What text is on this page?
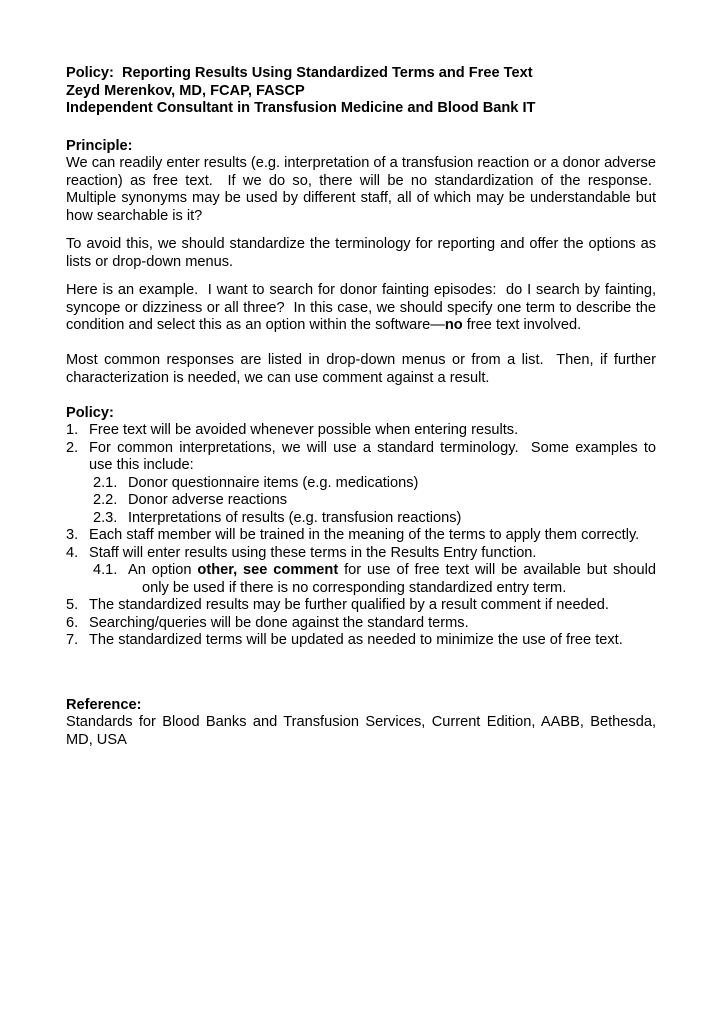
Policy:  Reporting Results Using Standardized Terms and Free Text
Zeyd Merenkov, MD, FCAP, FASCP
Independent Consultant in Transfusion Medicine and Blood Bank IT
Principle:

We can readily enter results (e.g. interpretation of a transfusion reaction or a donor adverse reaction) as free text.  If we do so, there will be no standardization of the response.  Multiple synonyms may be used by different staff, all of which may be understandable but how searchable is it?

To avoid this, we should standardize the terminology for reporting and offer the options as lists or drop-down menus.

Here is an example.  I want to search for donor fainting episodes:  do I search by fainting, syncope or dizziness or all three?  In this case, we should specify one term to describe the condition and select this as an option within the software—no free text involved.

Most common responses are listed in drop-down menus or from a list.  Then, if further characterization is needed, we can use comment against a result.

Policy:
1. Free text will be avoided whenever possible when entering results.
2. For common interpretations, we will use a standard terminology.  Some examples to use this include:
2.1. Donor questionnaire items (e.g. medications)
2.2. Donor adverse reactions
2.3. Interpretations of results (e.g. transfusion reactions)
3. Each staff member will be trained in the meaning of the terms to apply them correctly.
4. Staff will enter results using these terms in the Results Entry function.
4.1. An option other, see comment for use of free text will be available but should only be used if there is no corresponding standardized entry term.
5. The standardized results may be further qualified by a result comment if needed.
6. Searching/queries will be done against the standard terms.
7. The standardized terms will be updated as needed to minimize the use of free text.
Reference:

Standards for Blood Banks and Transfusion Services, Current Edition, AABB, Bethesda, MD, USA
